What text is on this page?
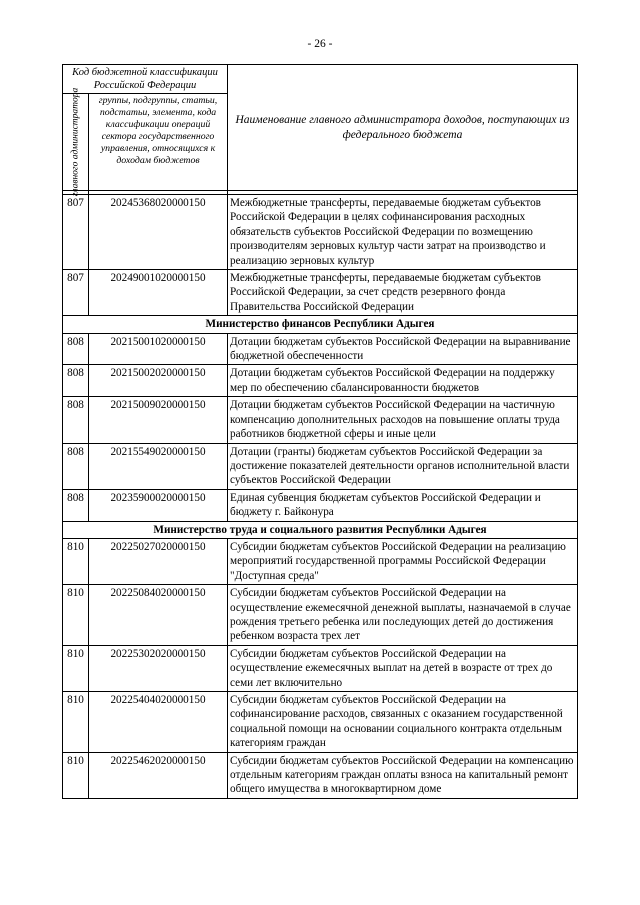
- 26 -
Код бюджетной классификации Российской Федерации		Наименование главного администратора доходов, поступающих из федерального бюджета

главного администратора	группы, подгруппы, статьи, подстатьи, элемента, кода классификации операций сектора государственного управления, относящихся к доходам бюджетов	

807	20245368020000150	Межбюджетные трансферты, передаваемые бюджетам субъектов Российской Федерации в целях софинансирования расходных обязательств субъектов Российской Федерации по возмещению производителям зерновых культур части затрат на производство и реализацию зерновых культур
807	20249001020000150	Межбюджетные трансферты, передаваемые бюджетам субъектов Российской Федерации, за счет средств резервного фонда Правительства Российской Федерации
Министерство финансов Республики Адыгея		
808	20215001020000150	Дотации бюджетам субъектов Российской Федерации на выравнивание бюджетной обеспеченности
808	20215002020000150	Дотации бюджетам субъектов Российской Федерации на поддержку мер по обеспечению сбалансированности бюджетов
808	20215009020000150	Дотации бюджетам субъектов Российской Федерации на частичную компенсацию дополнительных расходов на повышение оплаты труда работников бюджетной сферы и иные цели
808	20215549020000150	Дотации (гранты) бюджетам субъектов Российской Федерации за достижение показателей деятельности органов исполнительной власти субъектов Российской Федерации
808	20235900020000150	Единая субвенция бюджетам субъектов Российской Федерации и бюджету г. Байконура
Министерство труда и социального развития Республики Адыгея		
810	20225027020000150	Субсидии бюджетам субъектов Российской Федерации на реализацию мероприятий государственной программы Российской Федерации "Доступная среда"
810	20225084020000150	Субсидии бюджетам субъектов Российской Федерации на осуществление ежемесячной денежной выплаты, назначаемой в случае рождения третьего ребенка или последующих детей до достижения ребенком возраста трех лет
810	20225302020000150	Субсидии бюджетам субъектов Российской Федерации на осуществление ежемесячных выплат на детей в возрасте от трех до семи лет включительно
810	20225404020000150	Субсидии бюджетам субъектов Российской Федерации на софинансирование расходов, связанных с оказанием государственной социальной помощи на основании социального контракта отдельным категориям граждан
810	20225462020000150	Субсидии бюджетам субъектов Российской Федерации на компенсацию отдельным категориям граждан оплаты взноса на капитальный ремонт общего имущества в многоквартирном доме
